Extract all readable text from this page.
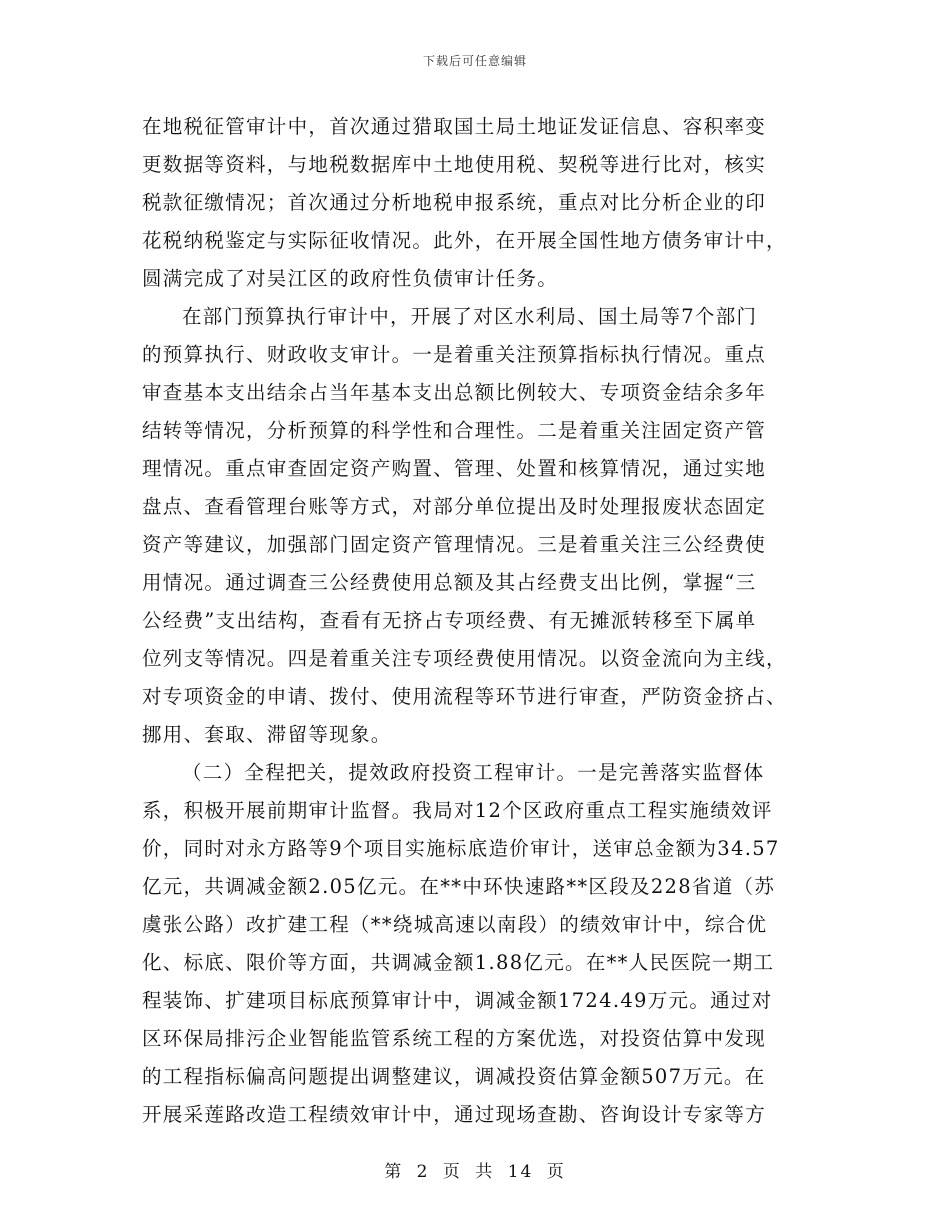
下载后可任意编辑
在地税征管审计中，首次通过猎取国土局土地证发证信息、容积率变
更数据等资料，与地税数据库中土地使用税、契税等进行比对，核实
税款征缴情况；首次通过分析地税申报系统，重点对比分析企业的印
花税纳税鉴定与实际征收情况。此外，在开展全国性地方债务审计中，
圆满完成了对吴江区的政府性负债审计任务。
在部门预算执行审计中，开展了对区水利局、国土局等7个部门
的预算执行、财政收支审计。一是着重关注预算指标执行情况。重点
审查基本支出结余占当年基本支出总额比例较大、专项资金结余多年
结转等情况，分析预算的科学性和合理性。二是着重关注固定资产管
理情况。重点审查固定资产购置、管理、处置和核算情况，通过实地
盘点、查看管理台账等方式，对部分单位提出及时处理报废状态固定
资产等建议，加强部门固定资产管理情况。三是着重关注三公经费使
用情况。通过调查三公经费使用总额及其占经费支出比例，掌握“三
公经费”支出结构，查看有无挤占专项经费、有无摊派转移至下属单
位列支等情况。四是着重关注专项经费使用情况。以资金流向为主线，
对专项资金的申请、拨付、使用流程等环节进行审查，严防资金挤占、
挪用、套取、滞留等现象。
（二）全程把关，提效政府投资工程审计。一是完善落实监督体
系，积极开展前期审计监督。我局对12个区政府重点工程实施绩效评
价，同时对永方路等9个项目实施标底造价审计，送审总金额为34.57
亿元，共调减金额2.05亿元。在**中环快速路**区段及228省道（苏
虞张公路）改扩建工程（**绕城高速以南段）的绩效审计中，综合优
化、标底、限价等方面，共调减金额1.88亿元。在**人民医院一期工
程装饰、扩建项目标底预算审计中，调减金额1724.49万元。通过对
区环保局排污企业智能监管系统工程的方案优选，对投资估算中发现
的工程指标偏高问题提出调整建议，调减投资估算金额507万元。在
开展采莲路改造工程绩效审计中，通过现场查勘、咨询设计专家等方
第 2 页 共 14 页
